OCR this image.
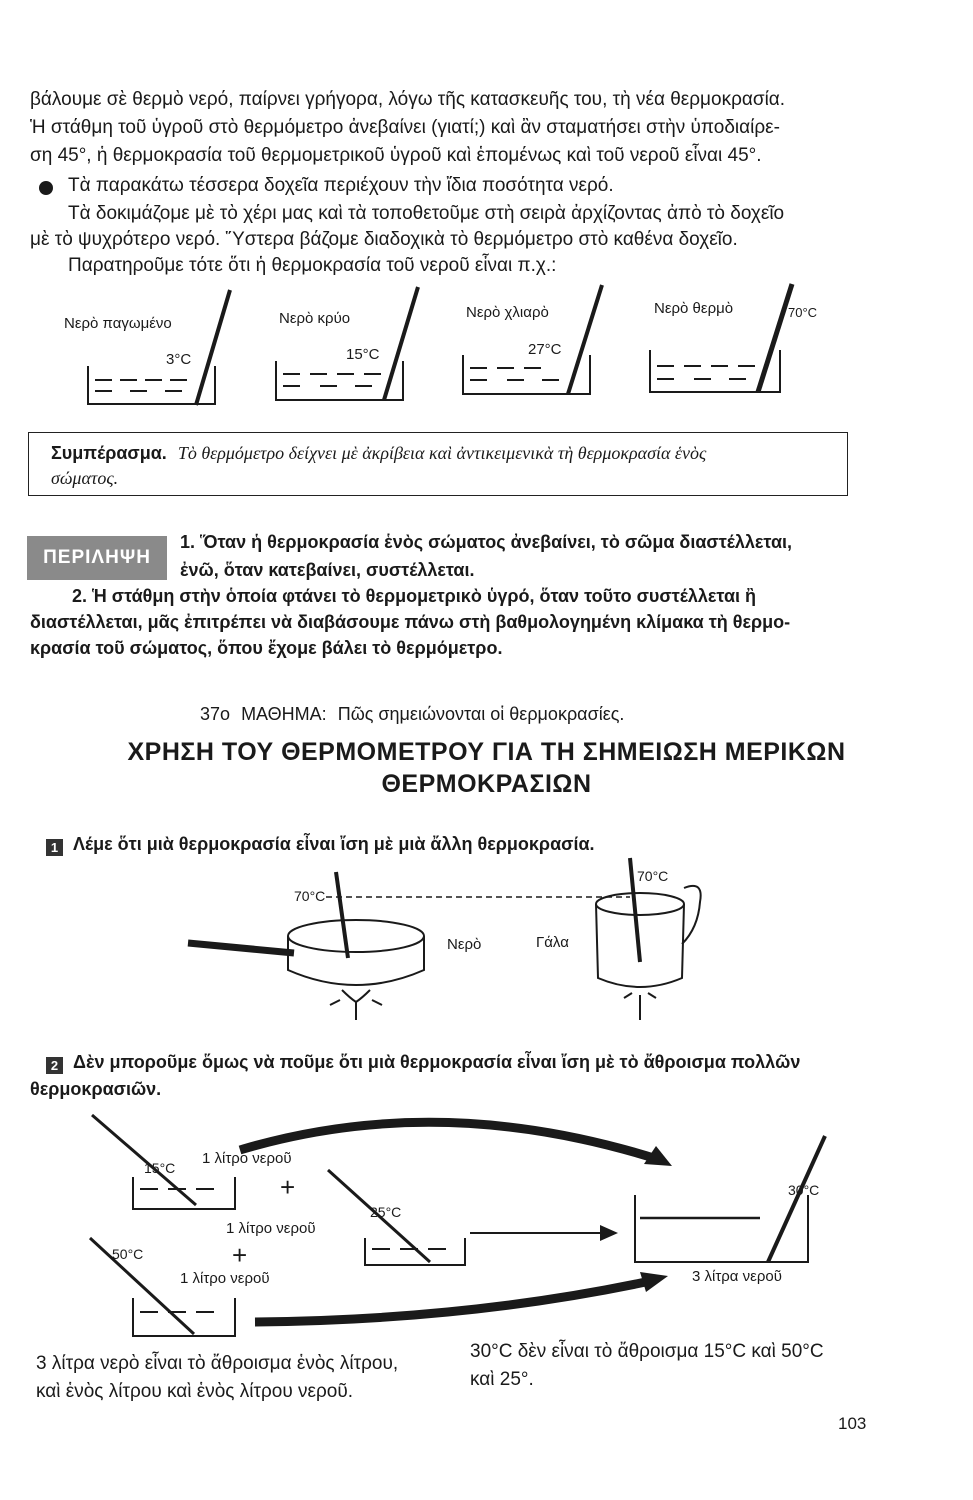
βάλουμε σὲ θερμὸ νερό, παίρνει γρήγορα, λόγω τῆς κατασκευῆς του, τὴ νέα θερμοκρασία.
Ἡ στάθμη τοῦ ὑγροῦ στὸ θερμόμετρο ἀνεβαίνει (γιατί;) καὶ ἂν σταματήσει στὴν ὑποδιαίρε-
ση 45°, ἡ θερμοκρασία τοῦ θερμομετρικοῦ ὑγροῦ καὶ ἑπομένως καὶ τοῦ νεροῦ εἶναι 45°.
Τὰ παρακάτω τέσσερα δοχεῖα περιέχουν τὴν ἴδια ποσότητα νερό.
Τὰ δοκιμάζομε μὲ τὸ χέρι μας καὶ τὰ τοποθετοῦμε στὴ σειρὰ ἀρχίζοντας ἀπὸ τὸ δοχεῖο
μὲ τὸ ψυχρότερο νερό. Ὕστερα βάζομε διαδοχικὰ τὸ θερμόμετρο στὸ καθένα δοχεῖο.
Παρατηροῦμε τότε ὅτι ἡ θερμοκρασία τοῦ νεροῦ εἶναι π.χ.:
Νερὸ παγωμένο
3°C
Νερὸ κρύο
15°C
Νερὸ χλιαρὸ
27°C
Νερὸ θερμὸ	70°C
Συμπέρασμα. Τὸ θερμόμετρο δείχνει μὲ ἀκρίβεια καὶ ἀντικειμενικὰ τὴ θερμοκρασία ἑνὸς
σώματος.
ΠΕΡΙΛΗΨΗ
1. Ὅταν ἡ θερμοκρασία ἑνὸς σώματος ἀνεβαίνει, τὸ σῶμα διαστέλλεται,
ἐνῶ, ὅταν κατεβαίνει, συστέλλεται.
2. Ἡ στάθμη στὴν ὁποία φτάνει τὸ θερμομετρικὸ ὑγρό, ὅταν τοῦτο συστέλλεται ἢ
διαστέλλεται, μᾶς ἐπιτρέπει νὰ διαβάσουμε πάνω στὴ βαθμολογημένη κλίμακα τὴ θερμο-
κρασία τοῦ σώματος, ὅπου ἔχομε βάλει τὸ θερμόμετρο.
37ο ΜΑΘΗΜΑ: Πῶς σημειώνονται οἱ θερμοκρασίες.
ΧΡΗΣΗ ΤΟΥ ΘΕΡΜΟΜΕΤΡΟΥ ΓΙΑ ΤΗ ΣΗΜΕΙΩΣΗ ΜΕΡΙΚΩΝ
ΘΕΡΜΟΚΡΑΣΙΩΝ
1 Λέμε ὅτι μιὰ θερμοκρασία εἶναι ἴση μὲ μιὰ ἄλλη θερμοκρασία.
70°C
70°C
Νερὸ	Γάλα
2 Δὲν μποροῦμε ὅμως νὰ ποῦμε ὅτι μιὰ θερμοκρασία εἶναι ἴση μὲ τὸ ἄθροισμα πολλῶν
θερμοκρασιῶν.
15°C
1 λίτρο νεροῦ
+
25°C
1 λίτρο νεροῦ
50°C	+
1 λίτρο νεροῦ
30°C
3 λίτρα νεροῦ
3 λίτρα νερὸ εἶναι τὸ ἄθροισμα ἑνὸς λίτρου,
καὶ ἑνὸς λίτρου καὶ ἑνὸς λίτρου νεροῦ.
30°C δὲν εἶναι τὸ ἄθροισμα 15°C καὶ 50°C
καὶ 25°.
103
